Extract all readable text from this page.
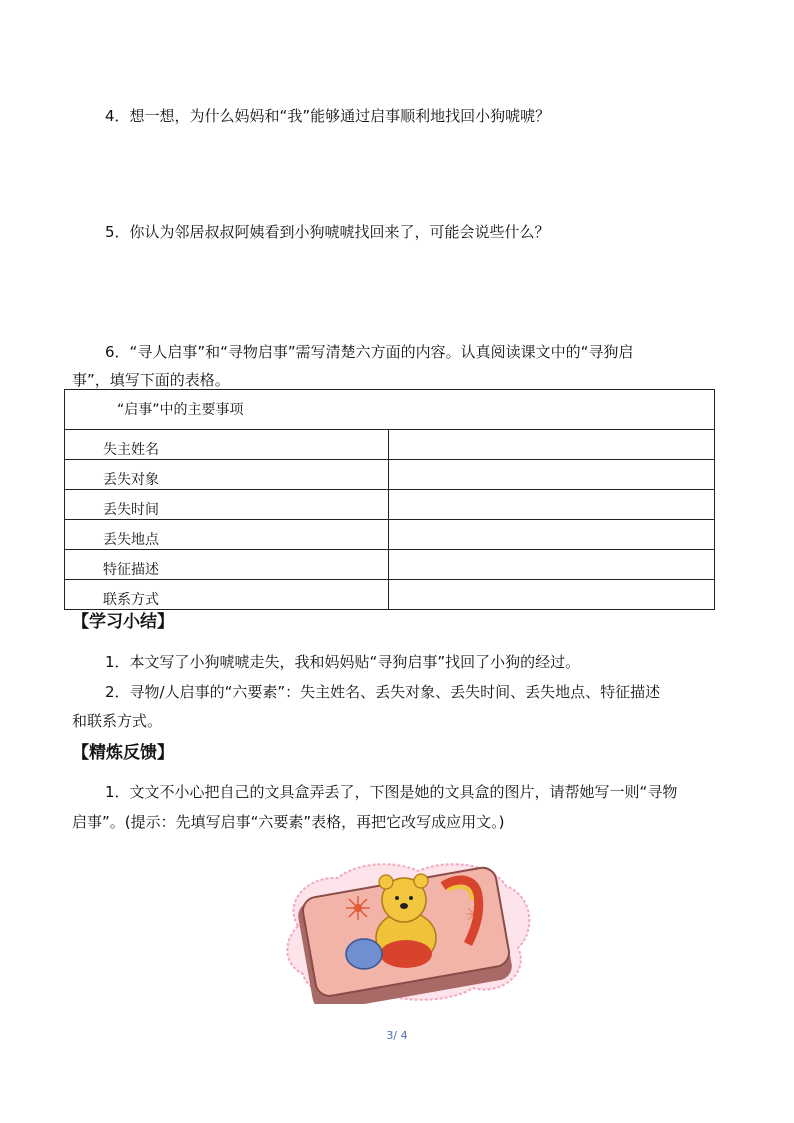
4．想一想，为什么妈妈和“我”能够通过启事顺利地找回小狗唬唬？
5．你认为邻居叔叔阿姨看到小狗唬唬找回来了，可能会说些什么？
6．“寻人启事”和“寻物启事”需写清楚六方面的内容。认真阅读课文中的“寻狗启
事”，填写下面的表格。
“启事”中的主要事项	
失主姓名	
丢失对象	
丢失时间	
丢失地点	
特征描述	
联系方式	
【学习小结】
1．本文写了小狗唬唬走失，我和妈妈贴“寻狗启事”找回了小狗的经过。
2．寻物/人启事的“六要素”：失主姓名、丢失对象、丢失时间、丢失地点、特征描述
和联系方式。
【精炼反馈】
1．文文不小心把自己的文具盒弄丢了，下图是她的文具盒的图片，请帮她写一则“寻物
启事”。(提示：先填写启事“六要素”表格，再把它改写成应用文。)
3/ 4
